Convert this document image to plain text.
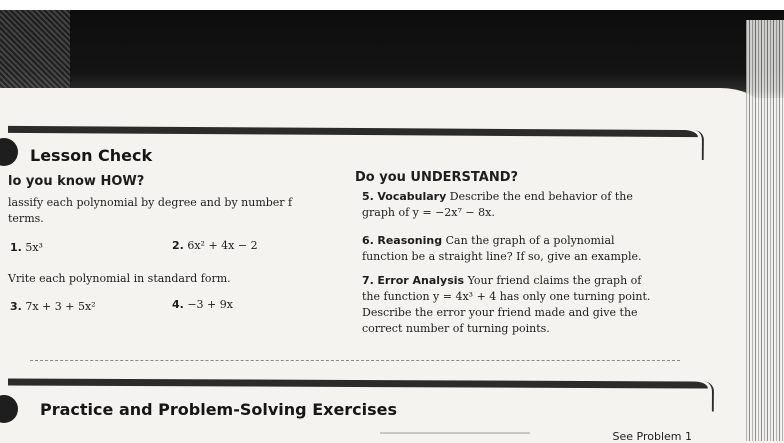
Lesson Check
lo you know HOW?
lassify each polynomial by degree and by number f terms.
1. 5x³	2. 6x² + 4x − 2
Vrite each polynomial in standard form.
3. 7x + 3 + 5x²	4. −3 + 9x
Do you UNDERSTAND?
5. Vocabulary Describe the end behavior of the graph of y = −2x⁷ − 8x.
6. Reasoning Can the graph of a polynomial function be a straight line? If so, give an example.
7. Error Analysis Your friend claims the graph of the function y = 4x³ + 4 has only one turning point. Describe the error your friend made and give the correct number of turning points.
Practice and Problem-Solving Exercises
See Problem 1
